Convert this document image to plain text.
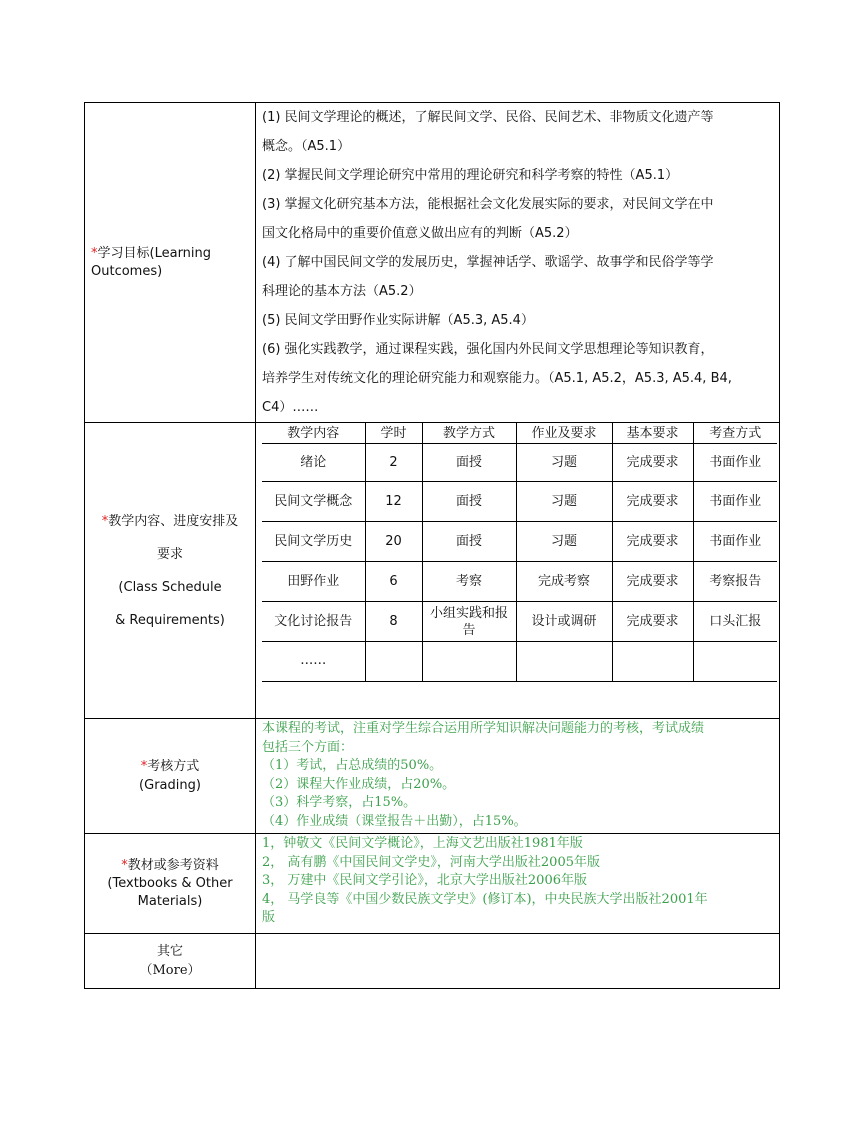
*学习目标(Learning
Outcomes)	
(1) 民间文学理论的概述，了解民间文学、民俗、民间艺术、非物质文化遗产等
概念。（A5.1）
(2) 掌握民间文学理论研究中常用的理论研究和科学考察的特性（A5.1）
(3) 掌握文化研究基本方法，能根据社会文化发展实际的要求，对民间文学在中
国文化格局中的重要价值意义做出应有的判断（A5.2）
(4) 了解中国民间文学的发展历史，掌握神话学、歌谣学、故事学和民俗学等学
科理论的基本方法（A5.2）
(5) 民间文学田野作业实际讲解（A5.3, A5.4）
(6) 强化实践教学，通过课程实践，强化国内外民间文学思想理论等知识教育，
培养学生对传统文化的理论研究能力和观察能力。（A5.1, A5.2，A5.3, A5.4, B4,
C4）……

*教学内容、进度安排及
要求
(Class Schedule
& Requirements)	
教学内容	学时	教学方式	作业及要求	基本要求	考查方式
绪论	2	面授	习题	完成要求	书面作业
民间文学概念	12	面授	习题	完成要求	书面作业
民间文学历史	20	面授	习题	完成要求	书面作业
田野作业	6	考察	完成考察	完成要求	考察报告
文化讨论报告	8	小组实践和报告	设计或调研	完成要求	口头汇报
……					

*考核方式
(Grading)	
本课程的考试，注重对学生综合运用所学知识解决问题能力的考核，考试成绩
包括三个方面：
（1）考试，占总成绩的50%。
（2）课程大作业成绩，占20%。
（3）科学考察，占15%。
（4）作业成绩（课堂报告＋出勤），占15%。

*教材或参考资料
(Textbooks & Other
Materials)	
1，钟敬文《民间文学概论》，上海文艺出版社1981年版
2， 高有鹏《中国民间文学史》，河南大学出版社2005年版
3， 万建中《民间文学引论》，北京大学出版社2006年版
4， 马学良等《中国少数民族文学史》(修订本)，中央民族大学出版社2001年
版

其它
（More）	
